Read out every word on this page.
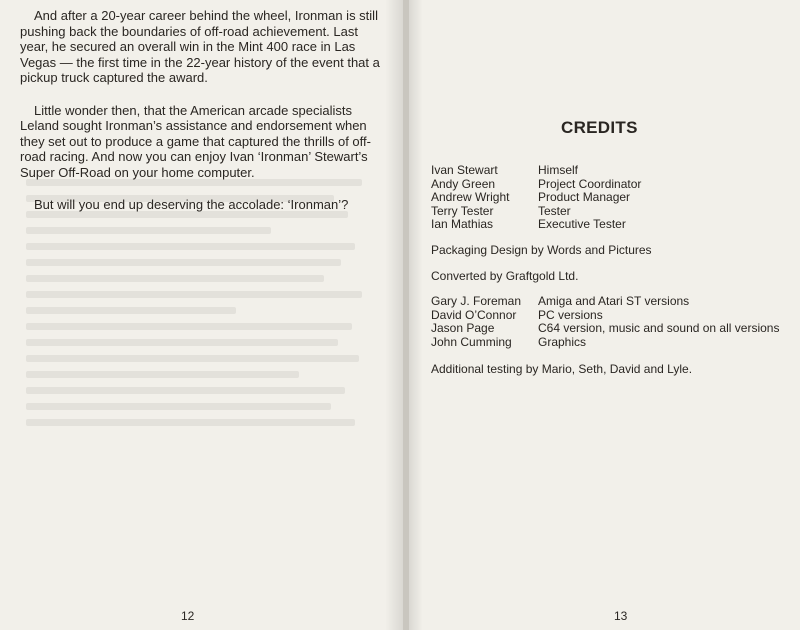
And after a 20-year career behind the wheel, Ironman is still pushing back the boundaries of off-road achievement. Last year, he secured an overall win in the Mint 400 race in Las Vegas — the first time in the 22-year history of the event that a pickup truck captured the award.

Little wonder then, that the American arcade specialists Leland sought Ironman’s assistance and endorsement when they set out to produce a game that captured the thrills of off-road racing. And now you can enjoy Ivan ‘Ironman’ Stewart’s Super Off-Road on your home computer.

But will you end up deserving the accolade: ‘Ironman’?

12
CREDITS
Ivan Stewart	Himself
Andy Green	Project Coordinator
Andrew Wright	Product Manager
Terry Tester	Tester
Ian Mathias	Executive Tester
Packaging Design by Words and Pictures
Converted by Graftgold Ltd.
Gary J. Foreman	Amiga and Atari ST versions
David O’Connor	PC versions
Jason Page	C64 version, music and sound on all versions
John Cumming	Graphics
Additional testing by Mario, Seth, David and Lyle.
13
